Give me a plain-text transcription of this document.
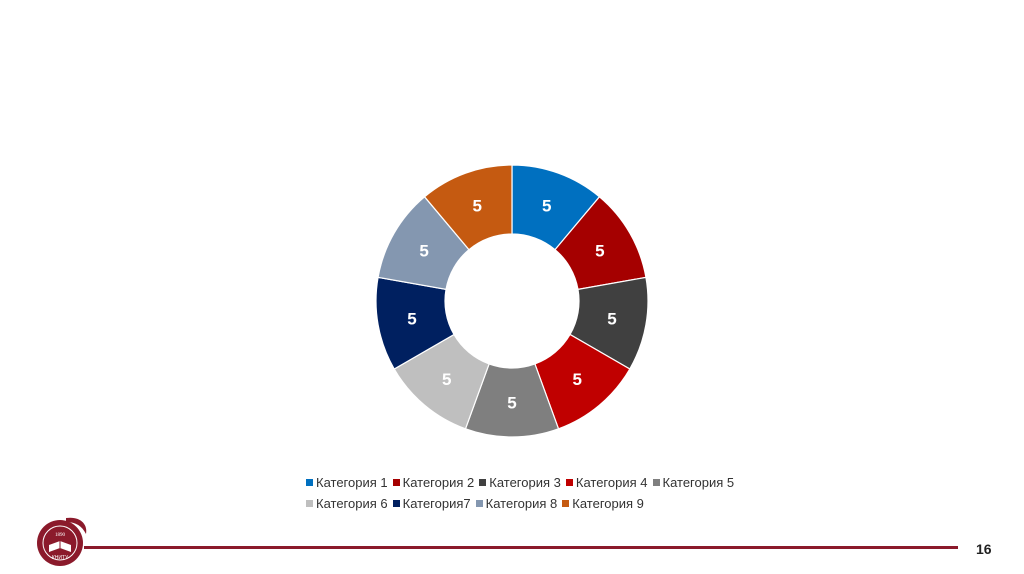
5
5
5
5
5
5
5
5
5
Категория 1 Категория 2 Категория 3 Категория 4 Категория 5
Категория 6 Категория7 Категория 8 Категория 9
1890
КНИТУ
16
